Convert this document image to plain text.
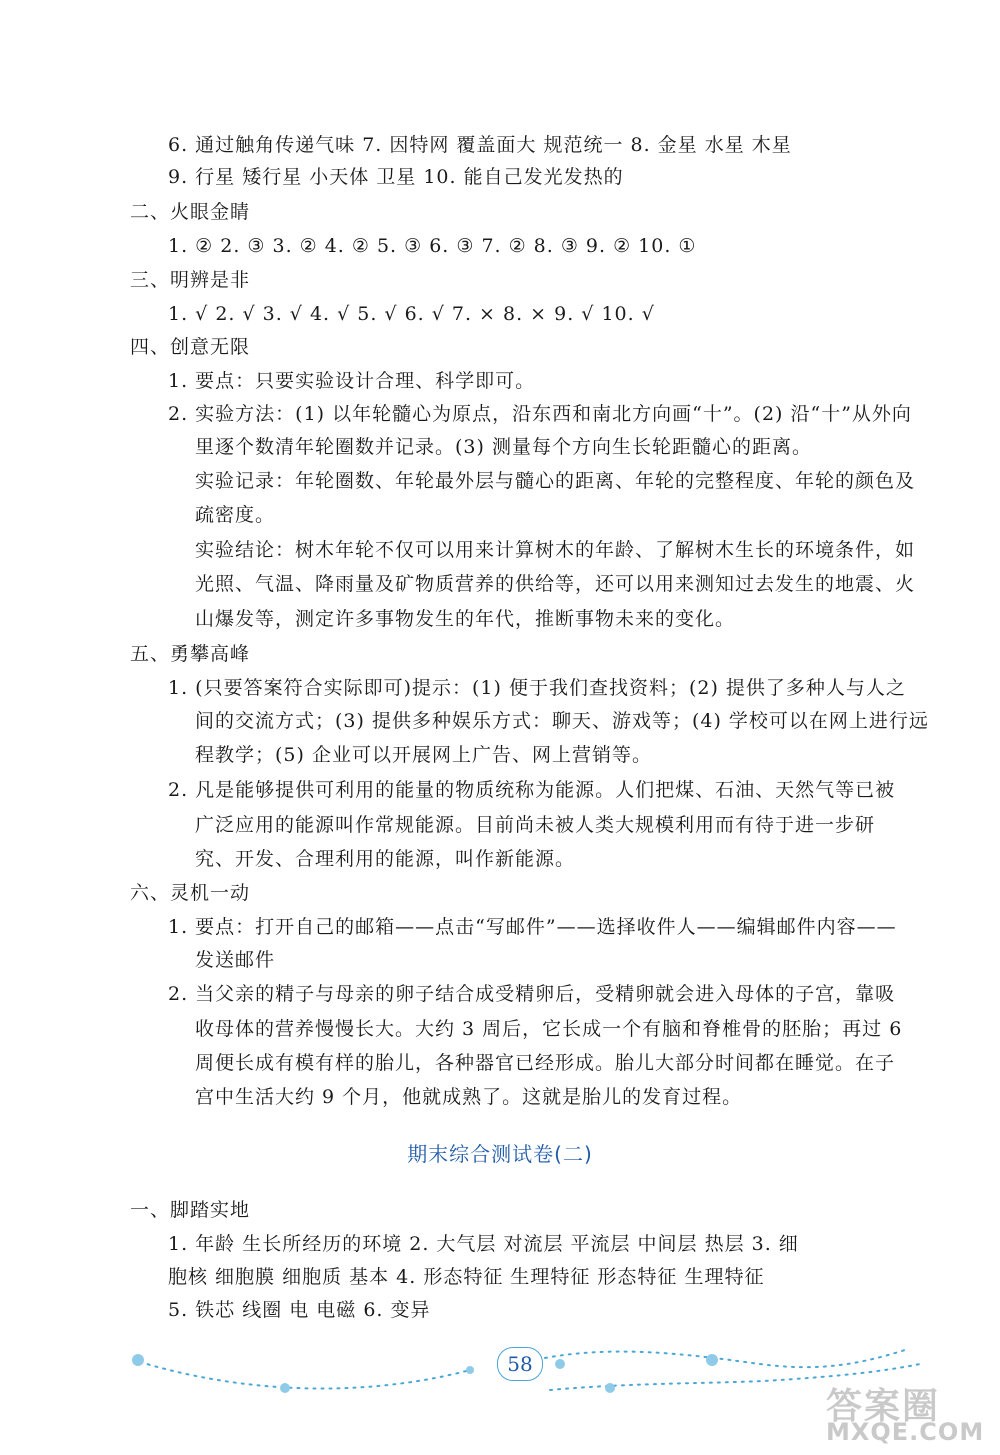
6. 通过触角传递气味 7. 因特网 覆盖面大 规范统一 8. 金星 水星 木星
9. 行星 矮行星 小天体 卫星 10. 能自己发光发热的
二、火眼金睛
1. ② 2. ③ 3. ② 4. ② 5. ③ 6. ③ 7. ② 8. ③ 9. ② 10. ①
三、明辨是非
1. √ 2. √ 3. √ 4. √ 5. √ 6. √ 7. × 8. × 9. √ 10. √
四、创意无限
1. 要点：只要实验设计合理、科学即可。
2. 实验方法：(1) 以年轮髓心为原点，沿东西和南北方向画“十”。(2) 沿“十”从外向
里逐个数清年轮圈数并记录。(3) 测量每个方向生长轮距髓心的距离。
实验记录：年轮圈数、年轮最外层与髓心的距离、年轮的完整程度、年轮的颜色及
疏密度。
实验结论：树木年轮不仅可以用来计算树木的年龄、了解树木生长的环境条件，如
光照、气温、降雨量及矿物质营养的供给等，还可以用来测知过去发生的地震、火
山爆发等，测定许多事物发生的年代，推断事物未来的变化。
五、勇攀高峰
1. (只要答案符合实际即可)提示：(1) 便于我们查找资料；(2) 提供了多种人与人之
间的交流方式；(3) 提供多种娱乐方式：聊天、游戏等；(4) 学校可以在网上进行远
程教学；(5) 企业可以开展网上广告、网上营销等。
2. 凡是能够提供可利用的能量的物质统称为能源。人们把煤、石油、天然气等已被
广泛应用的能源叫作常规能源。目前尚未被人类大规模利用而有待于进一步研
究、开发、合理利用的能源，叫作新能源。
六、灵机一动
1. 要点：打开自己的邮箱——点击“写邮件”——选择收件人——编辑邮件内容——
发送邮件
2. 当父亲的精子与母亲的卵子结合成受精卵后，受精卵就会进入母体的子宫，靠吸
收母体的营养慢慢长大。大约 3 周后，它长成一个有脑和脊椎骨的胚胎；再过 6
周便长成有模有样的胎儿，各种器官已经形成。胎儿大部分时间都在睡觉。在子
宫中生活大约 9 个月，他就成熟了。这就是胎儿的发育过程。
期末综合测试卷(二)
一、脚踏实地
1. 年龄 生长所经历的环境 2. 大气层 对流层 平流层 中间层 热层 3. 细
胞核 细胞膜 细胞质 基本 4. 形态特征 生理特征 形态特征 生理特征
5. 铁芯 线圈 电 电磁 6. 变异
58
答案圈
MXQE.COM
